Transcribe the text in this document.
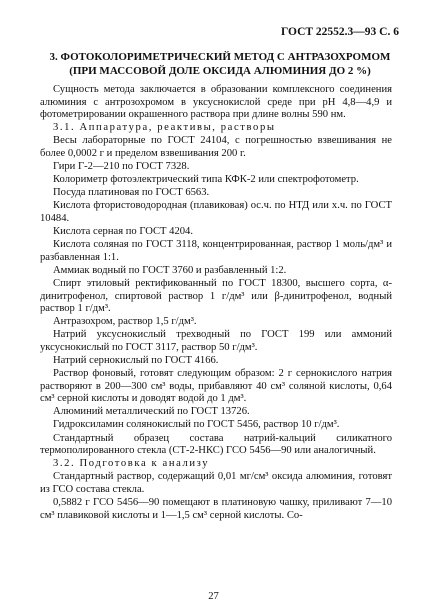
ГОСТ 22552.3—93 С. 6
3. ФОТОКОЛОРИМЕТРИЧЕСКИЙ МЕТОД С АНТРАЗОХРОМОМ
(ПРИ МАССОВОЙ ДОЛЕ ОКСИДА АЛЮМИНИЯ ДО 2 %)

Сущность метода заключается в образовании комплексного соединения алюминия с антрозохромом в уксуснокислой среде при рН 4,8—4,9 и фотометрировании окрашенного раствора при длине волны 590 нм.

3.1. Аппаратура, реактивы, растворы

Весы лабораторные по ГОСТ 24104, с погрешностью взвешивания не более 0,0002 г и пределом взвешивания 200 г.

Гири Г-2—210 по ГОСТ 7328.

Колориметр фотоэлектрический типа КФК-2 или спектрофотометр.

Посуда платиновая по ГОСТ 6563.

Кислота фтористоводородная (плавиковая) ос.ч. по НТД или х.ч. по ГОСТ 10484.

Кислота серная по ГОСТ 4204.

Кислота соляная по ГОСТ 3118, концентрированная, раствор 1 моль/дм³ и разбавленная 1:1.

Аммиак водный по ГОСТ 3760 и разбавленный 1:2.

Спирт этиловый ректификованный по ГОСТ 18300, высшего сорта, α-динитрофенол, спиртовой раствор 1 г/дм³ или β-динитрофенол, водный раствор 1 г/дм³.

Антразохром, раствор 1,5 г/дм³.

Натрий уксуснокислый трехводный по ГОСТ 199 или аммоний уксуснокислый по ГОСТ 3117, раствор 50 г/дм³.

Натрий сернокислый по ГОСТ 4166.

Раствор фоновый, готовят следующим образом: 2 г сернокислого натрия растворяют в 200—300 см³ воды, прибавляют 40 см³ соляной кислоты, 0,64 см³ серной кислоты и доводят водой до 1 дм³.

Алюминий металлический по ГОСТ 13726.

Гидроксиламин солянокислый по ГОСТ 5456, раствор 10 г/дм³.

Стандартный образец состава натрий-кальций силикатного термополированного стекла (СТ-2-НКС) ГСО 5456—90 или аналогичный.

3.2. Подготовка к анализу

Стандартный раствор, содержащий 0,01 мг/см³ оксида алюминия, готовят из ГСО состава стекла.

0,5882 г ГСО 5456—90 помещают в платиновую чашку, приливают 7—10 см³ плавиковой кислоты и 1—1,5 см³ серной кислоты. Со-

27
